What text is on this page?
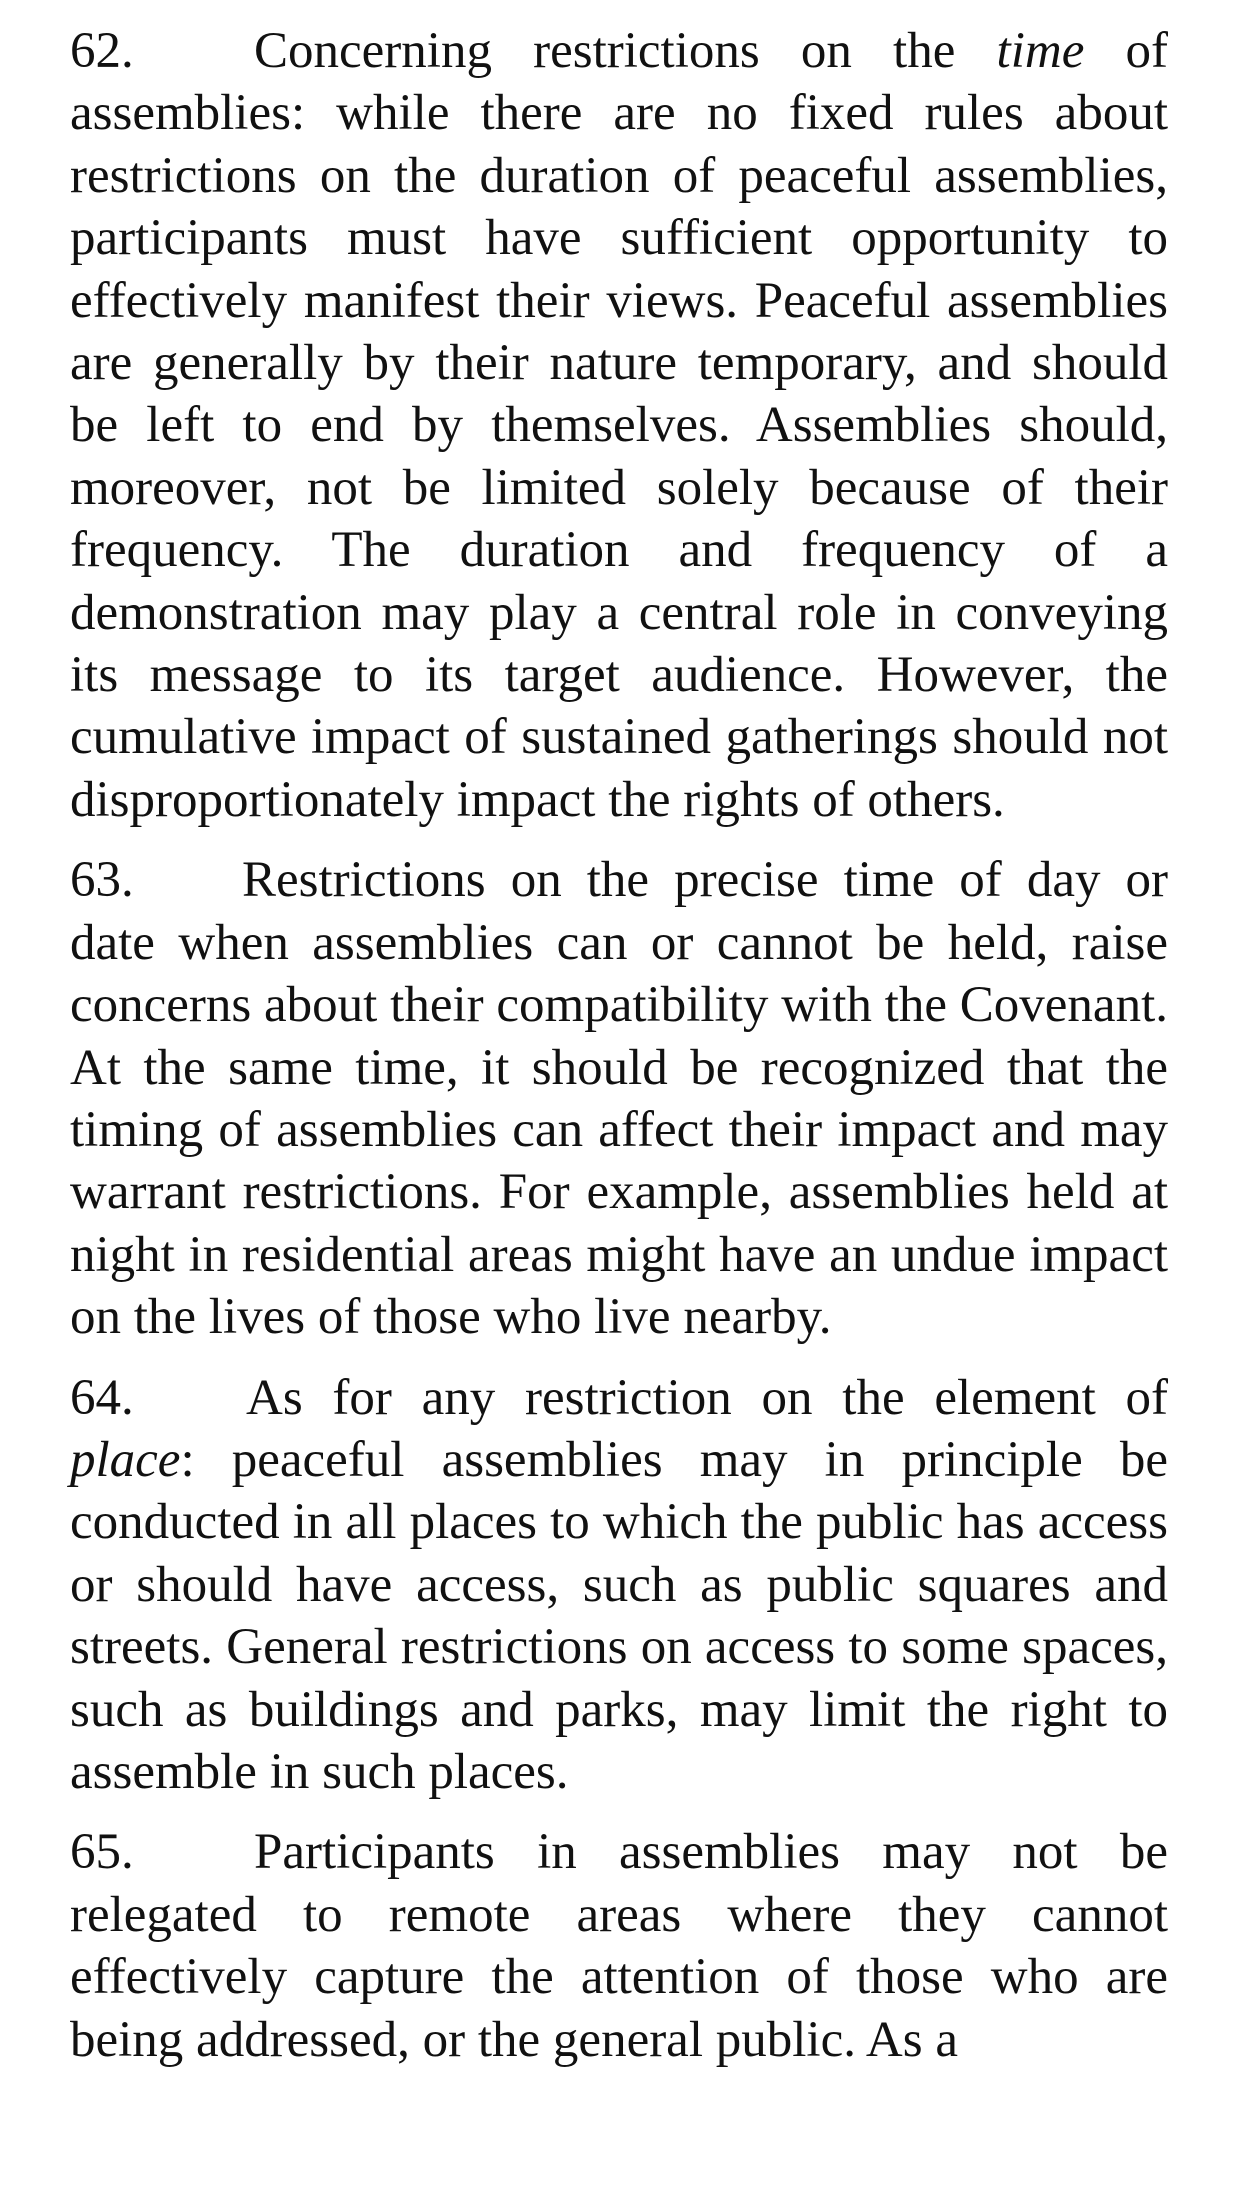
62. Concerning restrictions on the time of assemblies: while there are no fixed rules about restrictions on the duration of peaceful assemblies, participants must have sufficient opportunity to effectively manifest their views. Peaceful assemblies are generally by their nature temporary, and should be left to end by themselves. Assemblies should, moreover, not be limited solely because of their frequency. The duration and frequency of a demonstration may play a central role in conveying its message to its target audience. However, the cumulative impact of sustained gatherings should not disproportionately impact the rights of others.

63. Restrictions on the precise time of day or date when assemblies can or cannot be held, raise concerns about their compatibility with the Covenant. At the same time, it should be recognized that the timing of assemblies can affect their impact and may warrant restrictions. For example, assemblies held at night in residential areas might have an undue impact on the lives of those who live nearby.

64. As for any restriction on the element of place: peaceful assemblies may in principle be conducted in all places to which the public has access or should have access, such as public squares and streets. General restrictions on access to some spaces, such as buildings and parks, may limit the right to assemble in such places.

65. Participants in assemblies may not be relegated to remote areas where they cannot effectively capture the attention of those who are being addressed, or the general public. As a
